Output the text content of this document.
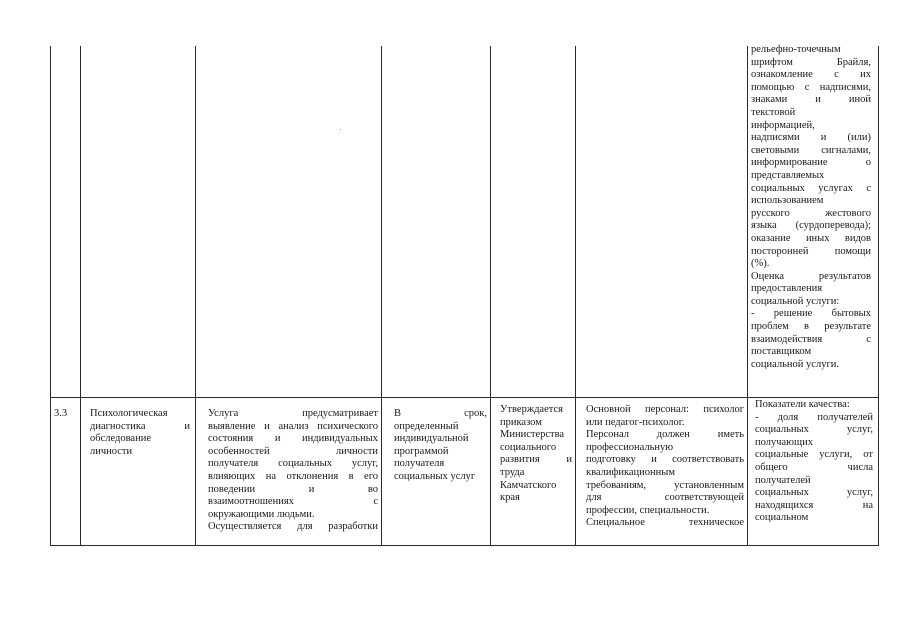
рельефно-точечным

шрифтом Брайля,

ознакомление с их

помощью с надписями,

знаками и иной

текстовой

информацией,

надписями и (или)

световыми сигналами,

информирование о

представляемых

социальных услугах с

использованием

русского жестового

языка (сурдоперевода);

оказание иных видов

посторонней помощи

(%).

Оценка результатов

предоставления

социальной услуги:

- решение бытовых

проблем в результате

взаимодействия с

поставщиком

социальной услуги.

3.3	Психологическая

диагностика и

обследование

личности

Услуга предусматривает

выявление и анализ психического

состояния и индивидуальных

особенностей личности

получателя социальных услуг,

влияющих на отклонения в его

поведении и во

взаимоотношениях с

окружающими людьми.

Осуществляется для разработки

В срок,

определенный

индивидуальной

программой

получателя

социальных услуг

Утверждается

приказом

Министерства

социального

развития и

труда

Камчатского

края

Основной персонал: психолог

или педагог-психолог.

Персонал должен иметь

профессиональную

подготовку и соответствовать

квалификационным

требованиям, установленным

для соответствующей

профессии, специальности.

Специальное техническое

Показатели качества:

- доля получателей

социальных услуг,

получающих

социальные услуги, от

общего числа

получателей

социальных услуг,

находящихся на

социальном
